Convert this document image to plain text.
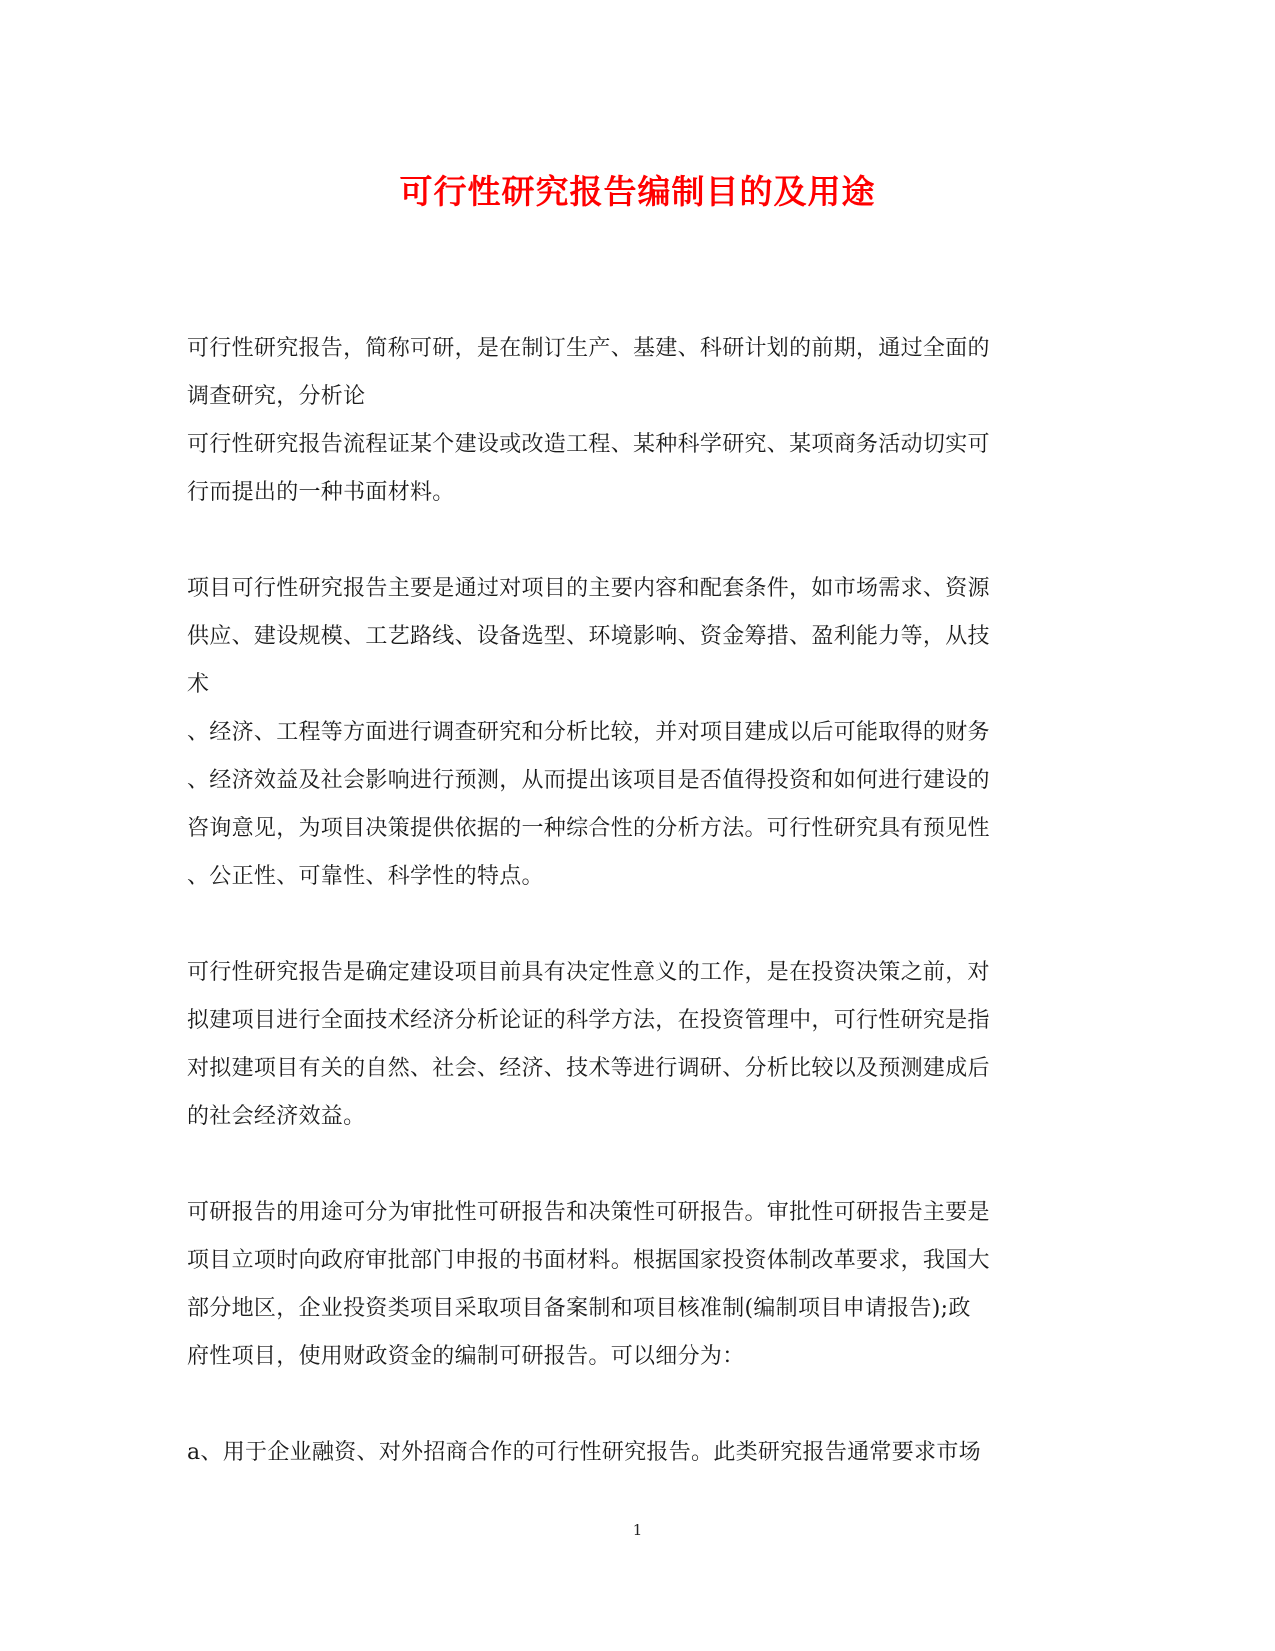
可行性研究报告编制目的及用途
可行性研究报告，简称可研，是在制订生产、基建、科研计划的前期，通过全面的
调查研究，分析论
可行性研究报告流程证某个建设或改造工程、某种科学研究、某项商务活动切实可
行而提出的一种书面材料。
项目可行性研究报告主要是通过对项目的主要内容和配套条件，如市场需求、资源
供应、建设规模、工艺路线、设备选型、环境影响、资金筹措、盈利能力等，从技
术
、经济、工程等方面进行调查研究和分析比较，并对项目建成以后可能取得的财务
、经济效益及社会影响进行预测，从而提出该项目是否值得投资和如何进行建设的
咨询意见，为项目决策提供依据的一种综合性的分析方法。可行性研究具有预见性
、公正性、可靠性、科学性的特点。
可行性研究报告是确定建设项目前具有决定性意义的工作，是在投资决策之前，对
拟建项目进行全面技术经济分析论证的科学方法，在投资管理中，可行性研究是指
对拟建项目有关的自然、社会、经济、技术等进行调研、分析比较以及预测建成后
的社会经济效益。
可研报告的用途可分为审批性可研报告和决策性可研报告。审批性可研报告主要是
项目立项时向政府审批部门申报的书面材料。根据国家投资体制改革要求，我国大
部分地区，企业投资类项目采取项目备案制和项目核准制(编制项目申请报告);政
府性项目，使用财政资金的编制可研报告。可以细分为：
a、用于企业融资、对外招商合作的可行性研究报告。此类研究报告通常要求市场
1
